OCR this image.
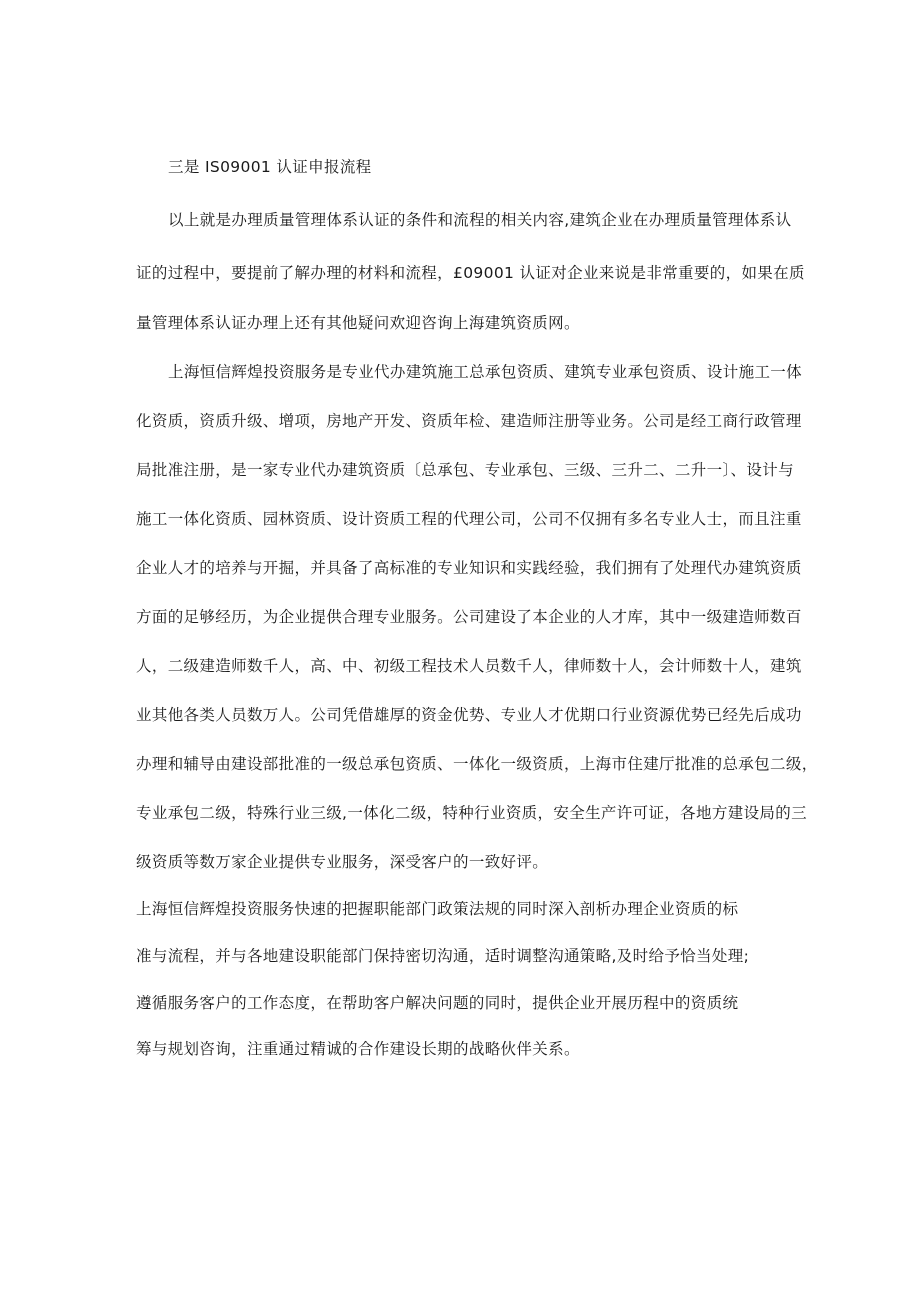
三是 IS09001 认证申报流程
以上就是办理质量管理体系认证的条件和流程的相关内容,建筑企业在办理质量管理体系认
证的过程中，要提前了解办理的材料和流程，£09001 认证对企业来说是非常重要的，如果在质
量管理体系认证办理上还有其他疑问欢迎咨询上海建筑资质网。
上海恒信辉煌投资服务是专业代办建筑施工总承包资质、建筑专业承包资质、设计施工一体
化资质，资质升级、增项，房地产开发、资质年检、建造师注册等业务。公司是经工商行政管理
局批准注册，是一家专业代办建筑资质〔总承包、专业承包、三级、三升二、二升一〕、设计与
施工一体化资质、园林资质、设计资质工程的代理公司，公司不仅拥有多名专业人士，而且注重
企业人才的培养与开掘，并具备了高标准的专业知识和实践经验，我们拥有了处理代办建筑资质
方面的足够经历，为企业提供合理专业服务。公司建设了本企业的人才库，其中一级建造师数百
人，二级建造师数千人，高、中、初级工程技术人员数千人，律师数十人，会计师数十人，建筑
业其他各类人员数万人。公司凭借雄厚的资金优势、专业人才优期口行业资源优势已经先后成功
办理和辅导由建设部批准的一级总承包资质、一体化一级资质，上海市住建厅批准的总承包二级，
专业承包二级，特殊行业三级,一体化二级，特种行业资质，安全生产许可证，各地方建设局的三
级资质等数万家企业提供专业服务，深受客户的一致好评。
上海恒信辉煌投资服务快速的把握职能部门政策法规的同时深入剖析办理企业资质的标
准与流程，并与各地建设职能部门保持密切沟通，适时调整沟通策略,及时给予恰当处理;
遵循服务客户的工作态度，在帮助客户解决问题的同时，提供企业开展历程中的资质统
筹与规划咨询，注重通过精诚的合作建设长期的战略伙伴关系。
